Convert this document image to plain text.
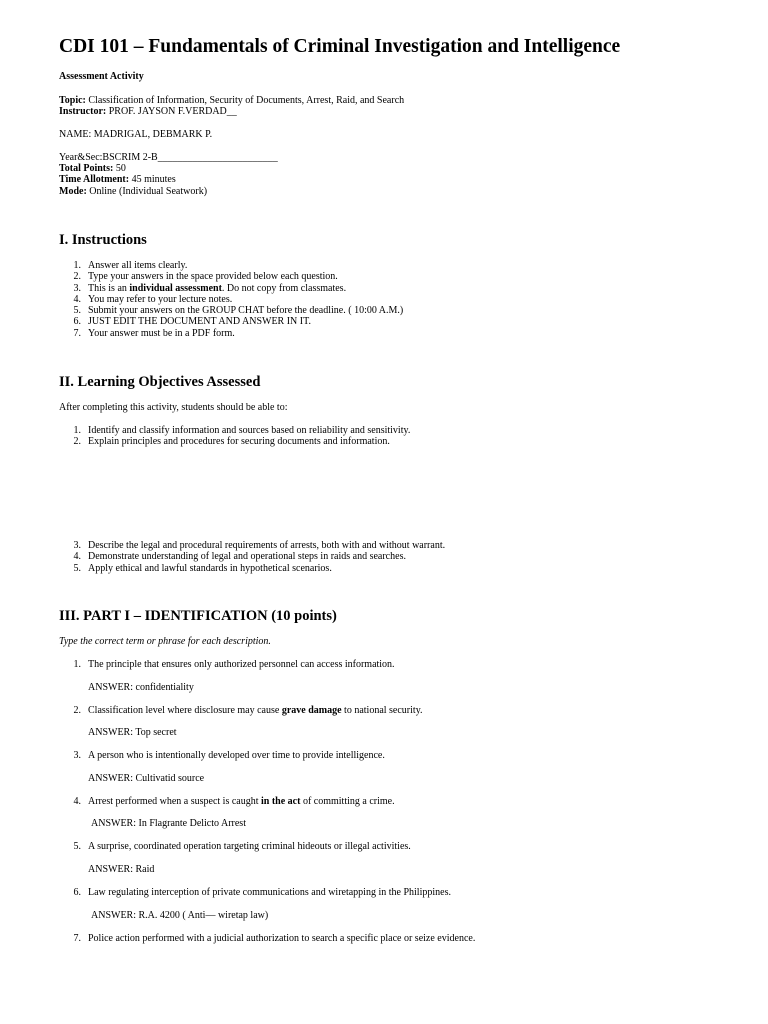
CDI 101 – Fundamentals of Criminal Investigation and Intelligence
Assessment Activity
Topic: Classification of Information, Security of Documents, Arrest, Raid, and Search
Instructor: PROF. JAYSON F.VERDAD__
NAME: MADRIGAL, DEBMARK P.
Year&Sec:BSCRIM 2-B________________________
Total Points: 50
Time Allotment: 45 minutes
Mode: Online (Individual Seatwork)
I. Instructions
1. Answer all items clearly.
2. Type your answers in the space provided below each question.
3. This is an individual assessment. Do not copy from classmates.
4. You may refer to your lecture notes.
5. Submit your answers on the GROUP CHAT before the deadline. ( 10:00 A.M.)
6. JUST EDIT THE DOCUMENT AND ANSWER IN IT.
7. Your answer must be in a PDF form.
II. Learning Objectives Assessed
After completing this activity, students should be able to:
1. Identify and classify information and sources based on reliability and sensitivity.
2. Explain principles and procedures for securing documents and information.
3. Describe the legal and procedural requirements of arrests, both with and without warrant.
4. Demonstrate understanding of legal and operational steps in raids and searches.
5. Apply ethical and lawful standards in hypothetical scenarios.
III. PART I – IDENTIFICATION (10 points)
Type the correct term or phrase for each description.
1. The principle that ensures only authorized personnel can access information.
ANSWER: confidentiality
2. Classification level where disclosure may cause grave damage to national security.
ANSWER: Top secret
3. A person who is intentionally developed over time to provide intelligence.
ANSWER: Cultivatid source
4. Arrest performed when a suspect is caught in the act of committing a crime.
ANSWER: In Flagrante Delicto Arrest
5. A surprise, coordinated operation targeting criminal hideouts or illegal activities.
ANSWER: Raid
6. Law regulating interception of private communications and wiretapping in the Philippines.
ANSWER: R.A. 4200 ( Anti— wiretap law)
7. Police action performed with a judicial authorization to search a specific place or seize evidence.
